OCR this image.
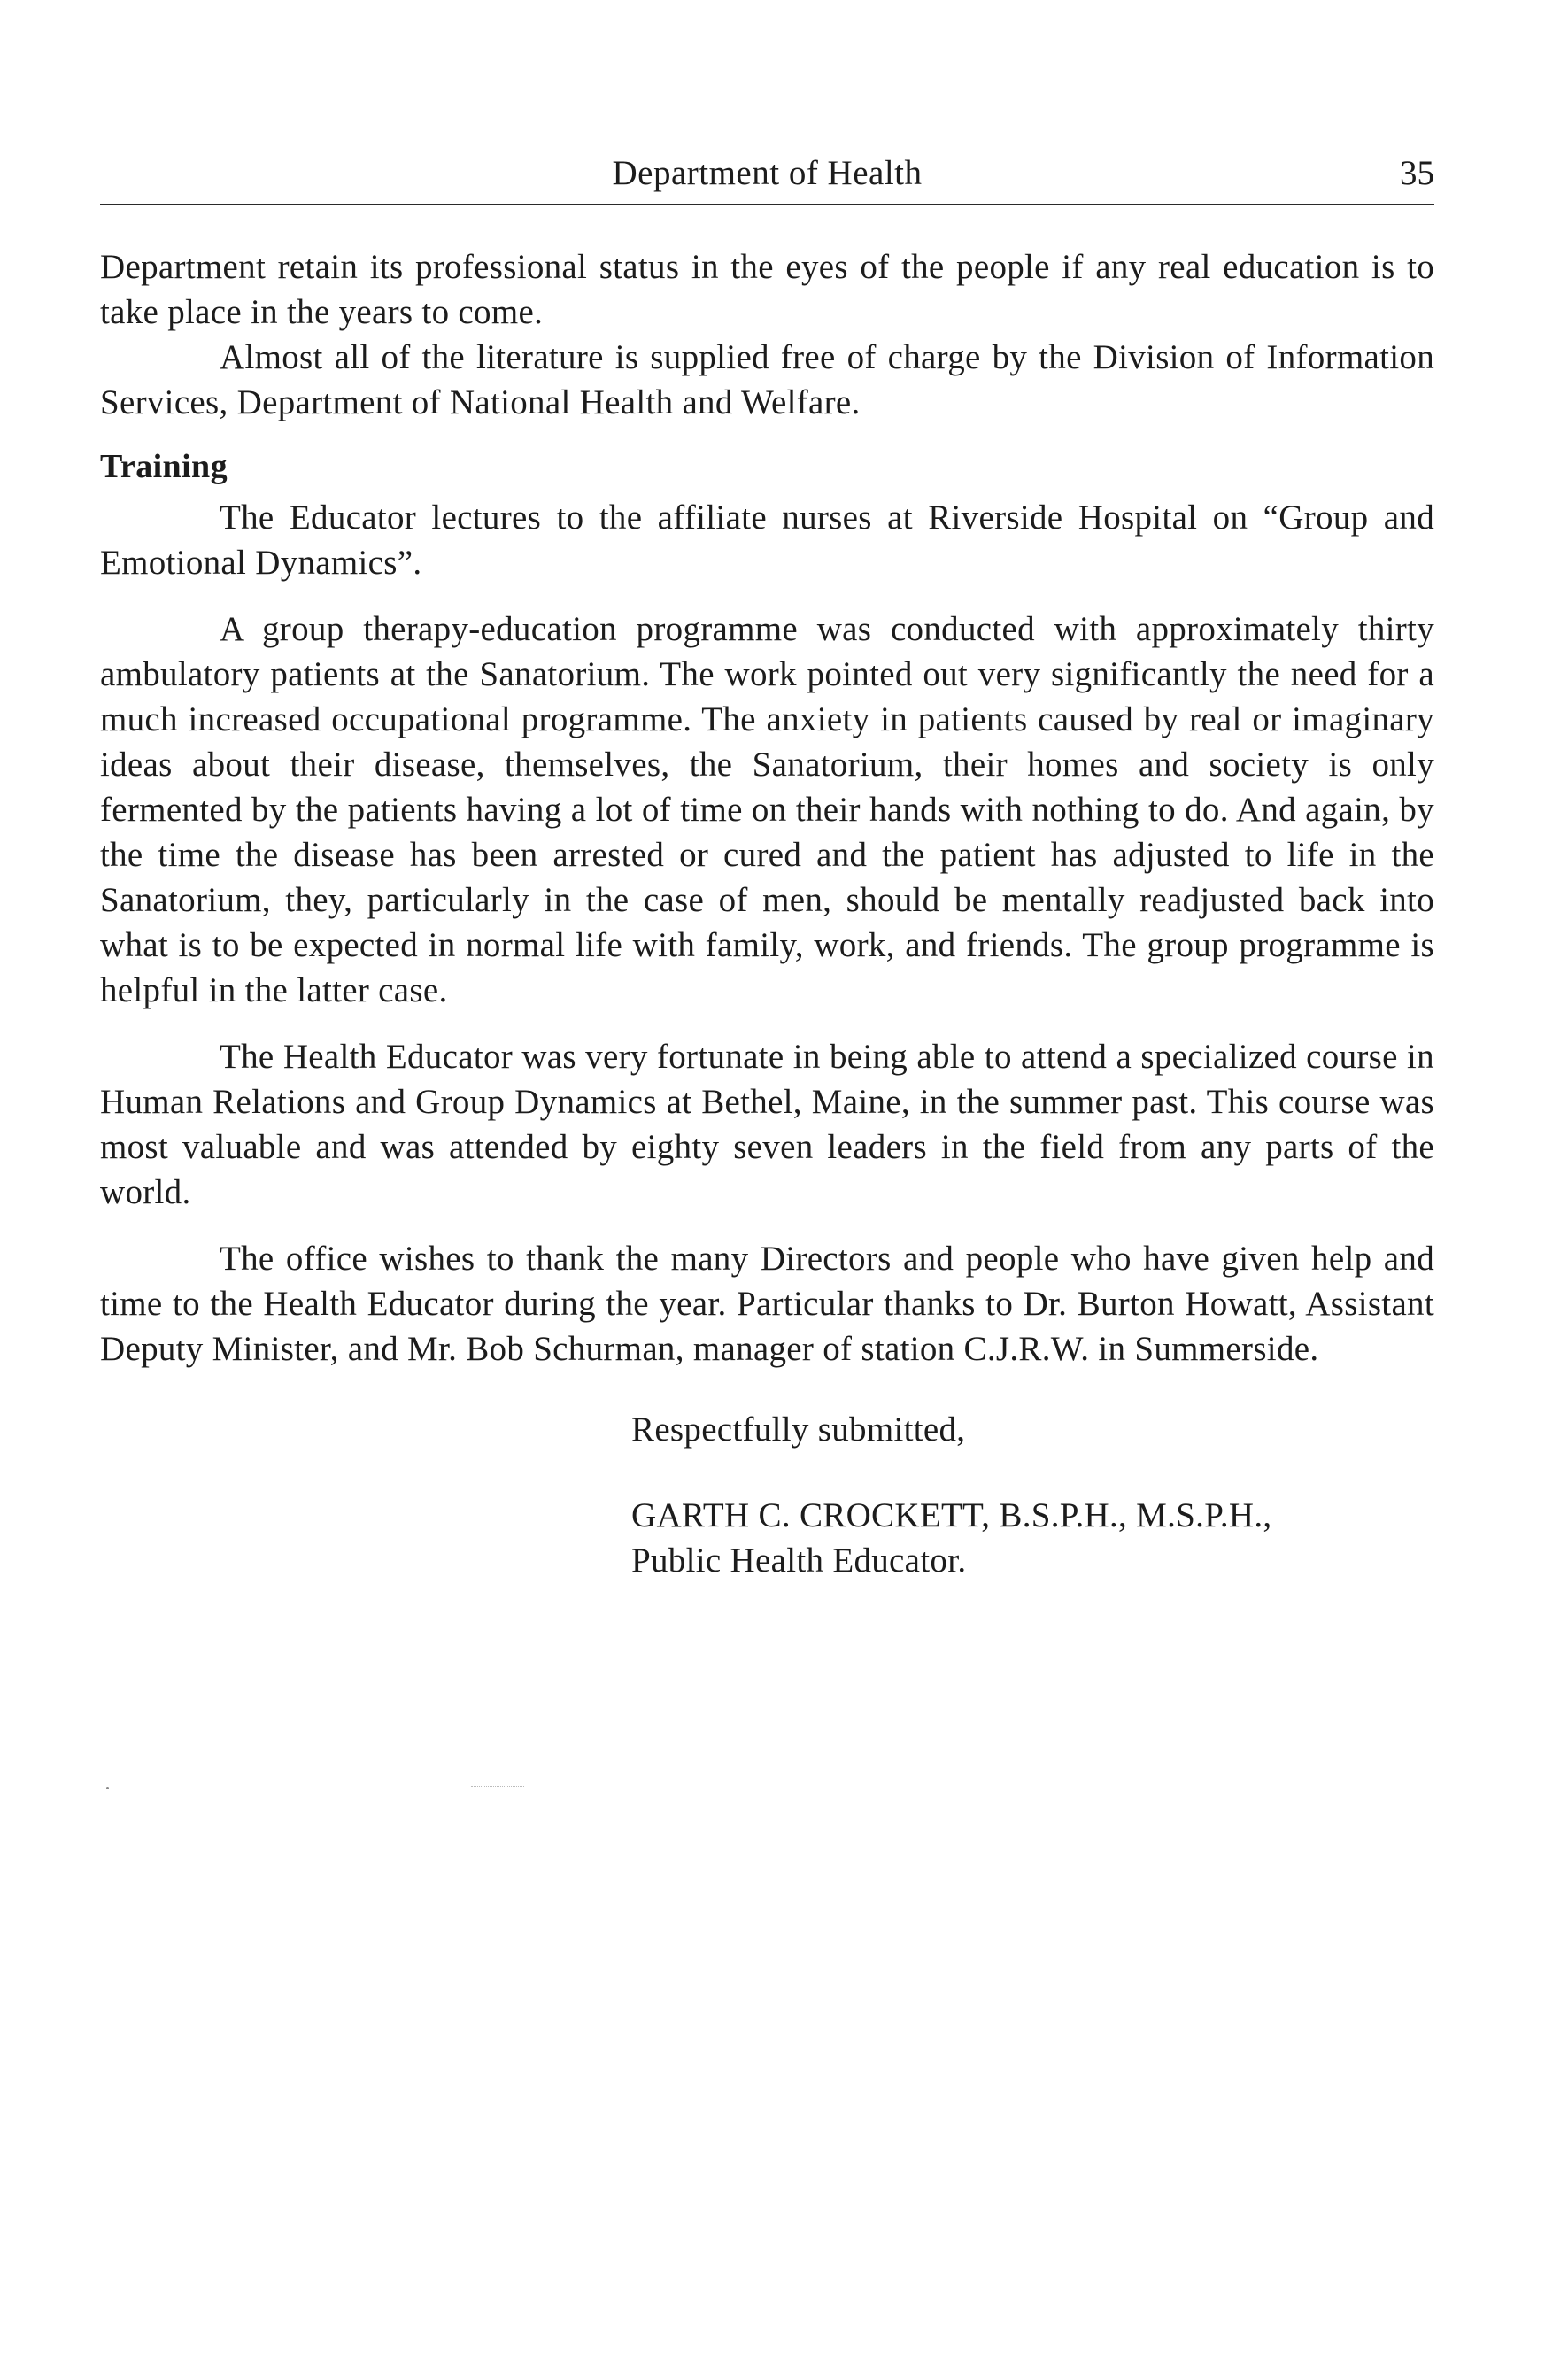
Department of Health	35

Department retain its professional status in the eyes of the people if any real education is to take place in the years to come.

Almost all of the literature is supplied free of charge by the Division of Information Services, Department of National Health and Welfare.

Training

The Educator lectures to the affiliate nurses at Riverside Hospital on “Group and Emotional Dynamics”.

A group therapy-education programme was conducted with approximately thirty ambulatory patients at the Sanatorium. The work pointed out very significantly the need for a much increased occupational programme. The anxiety in patients caused by real or imaginary ideas about their disease, themselves, the Sanatorium, their homes and society is only fermented by the patients having a lot of time on their hands with nothing to do. And again, by the time the disease has been arrested or cured and the patient has adjusted to life in the Sanatorium, they, particularly in the case of men, should be mentally readjusted back into what is to be expected in normal life with family, work, and friends. The group programme is helpful in the latter case.

The Health Educator was very fortunate in being able to attend a specialized course in Human Relations and Group Dynamics at Bethel, Maine, in the summer past. This course was most valuable and was attended by eighty seven leaders in the field from any parts of the world.

The office wishes to thank the many Directors and people who have given help and time to the Health Educator during the year. Particular thanks to Dr. Burton Howatt, Assistant Deputy Minister, and Mr. Bob Schurman, manager of station C.J.R.W. in Summerside.

Respectfully submitted,

GARTH C. CROCKETT, B.S.P.H., M.S.P.H.,

Public Health Educator.
